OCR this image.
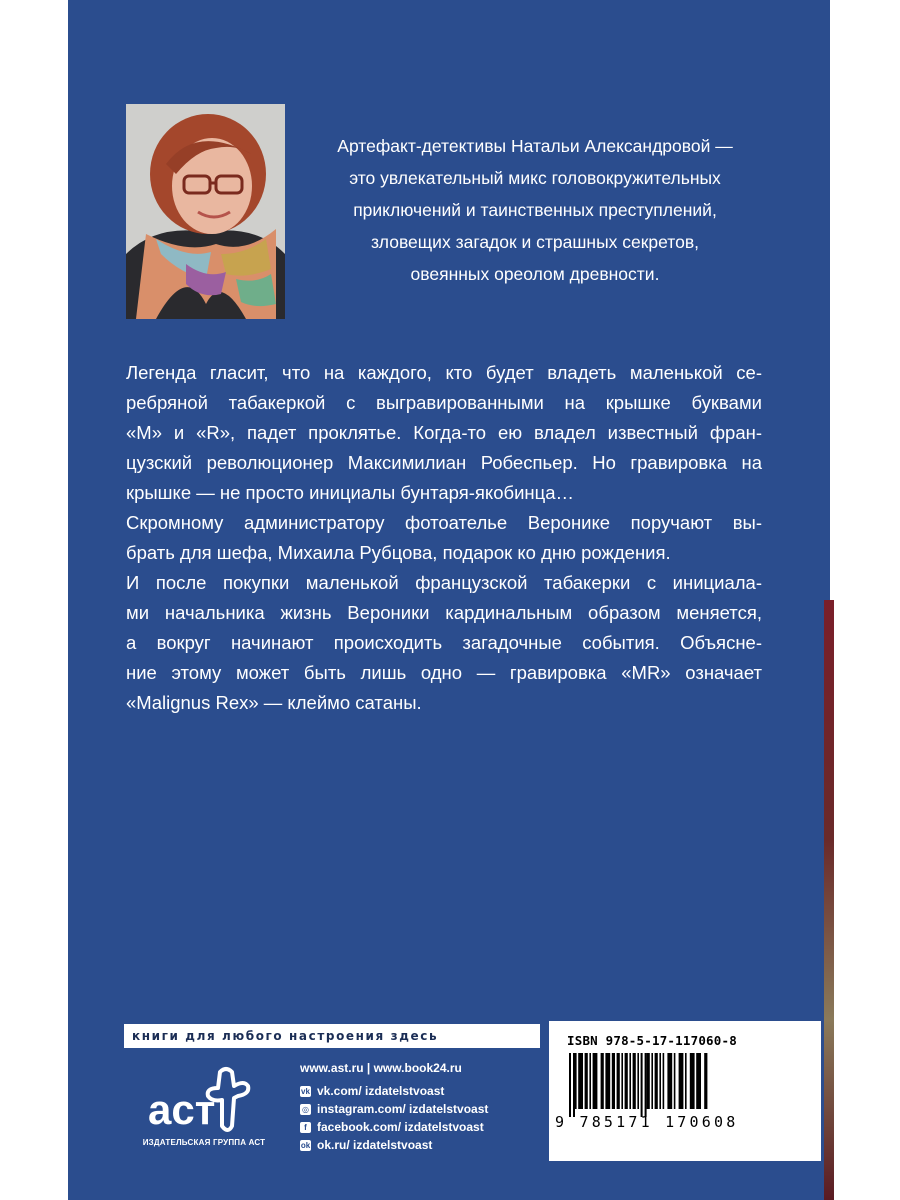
Артефакт-детективы Натальи Александровой —
это увлекательный микс головокружительных
приключений и таинственных преступлений,
зловещих загадок и страшных секретов,
овеянных ореолом древности.
Легенда гласит, что на каждого, кто будет владеть маленькой се-
ребряной табакеркой с выгравированными на крышке буквами
«M» и «R», падет проклятье. Когда-то ею владел известный фран-
цузский революционер Максимилиан Робеспьер. Но гравировка на
крышке — не просто инициалы бунтаря-якобинца…
Скромному администратору фотоателье Веронике поручают вы-
брать для шефа, Михаила Рубцова, подарок ко дню рождения.
И после покупки маленькой французской табакерки с инициала-
ми начальника жизнь Вероники кардинальным образом меняется,
а вокруг начинают происходить загадочные события. Объясне-
ние этому может быть лишь одно — гравировка «MR» означает
«Malignus Rex» — клеймо сатаны.
книги для любого настроения здесь
аст
ИЗДАТЕЛЬСКАЯ ГРУППА АСТ
www.ast.ru | www.book24.ru
vk vk.com/ izdatelstvoast
◎ instagram.com/ izdatelstvoast
f facebook.com/ izdatelstvoast
ok ok.ru/ izdatelstvoast
ISBN 978-5-17-117060-8
9 785171 170608
